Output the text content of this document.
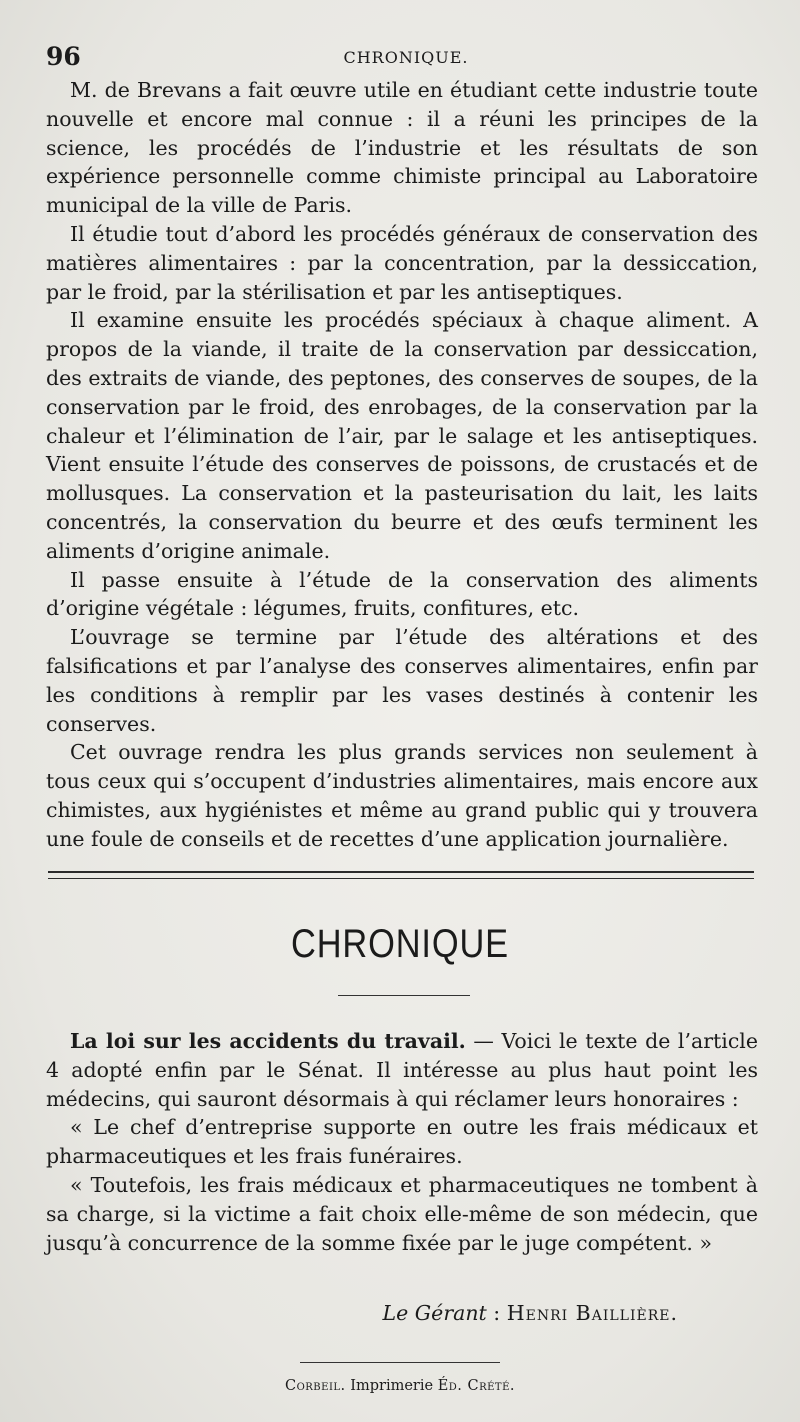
96	CHRONIQUE.

M. de Brevans a fait œuvre utile en étudiant cette industrie toute nouvelle et encore mal connue : il a réuni les principes de la science, les procédés de l’industrie et les résultats de son expérience personnelle comme chimiste principal au Laboratoire municipal de la ville de Paris.

Il étudie tout d’abord les procédés généraux de conservation des matières alimentaires : par la concentration, par la dessiccation, par le froid, par la stérilisation et par les antiseptiques.

Il examine ensuite les procédés spéciaux à chaque aliment. A propos de la viande, il traite de la conservation par dessiccation, des extraits de viande, des peptones, des conserves de soupes, de la conservation par le froid, des enrobages, de la conservation par la chaleur et l’élimination de l’air, par le salage et les antiseptiques. Vient ensuite l’étude des conserves de poissons, de crustacés et de mollusques. La conservation et la pasteurisation du lait, les laits concentrés, la conservation du beurre et des œufs terminent les aliments d’origine animale.

Il passe ensuite à l’étude de la conservation des aliments d’origine végétale : légumes, fruits, confitures, etc.

L’ouvrage se termine par l’étude des altérations et des falsifications et par l’analyse des conserves alimentaires, enfin par les conditions à remplir par les vases destinés à contenir les conserves.

Cet ouvrage rendra les plus grands services non seulement à tous ceux qui s’occupent d’industries alimentaires, mais encore aux chimistes, aux hygiénistes et même au grand public qui y trouvera une foule de conseils et de recettes d’une application journalière.

CHRONIQUE

La loi sur les accidents du travail. — Voici le texte de l’article 4 adopté enfin par le Sénat. Il intéresse au plus haut point les médecins, qui sauront désormais à qui réclamer leurs honoraires :

« Le chef d’entreprise supporte en outre les frais médicaux et pharmaceutiques et les frais funéraires.

« Toutefois, les frais médicaux et pharmaceutiques ne tombent à sa charge, si la victime a fait choix elle-même de son médecin, que jusqu’à concurrence de la somme fixée par le juge compétent. »

Le Gérant : Henri Baillière.
Corbeil. Imprimerie Éd. Crété.
